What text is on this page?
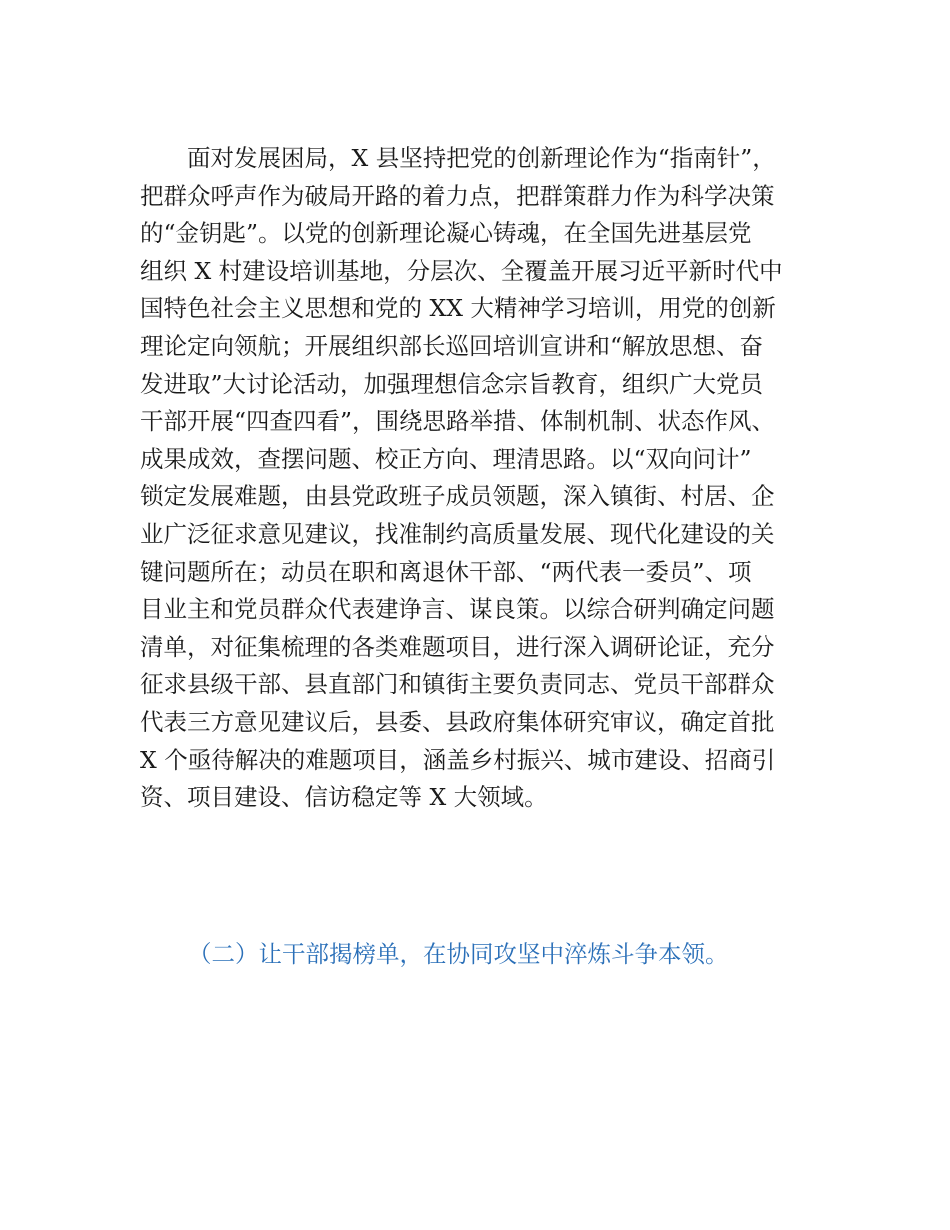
　　面对发展困局，X 县坚持把党的创新理论作为“指南针”，
把群众呼声作为破局开路的着力点，把群策群力作为科学决策
的“金钥匙”。以党的创新理论凝心铸魂，在全国先进基层党
组织 X 村建设培训基地，分层次、全覆盖开展习近平新时代中
国特色社会主义思想和党的 XX 大精神学习培训，用党的创新
理论定向领航；开展组织部长巡回培训宣讲和“解放思想、奋
发进取”大讨论活动，加强理想信念宗旨教育，组织广大党员
干部开展“四查四看”，围绕思路举措、体制机制、状态作风、
成果成效，查摆问题、校正方向、理清思路。以“双向问计”
锁定发展难题，由县党政班子成员领题，深入镇街、村居、企
业广泛征求意见建议，找准制约高质量发展、现代化建设的关
键问题所在；动员在职和离退休干部、“两代表一委员”、项
目业主和党员群众代表建诤言、谋良策。以综合研判确定问题
清单，对征集梳理的各类难题项目，进行深入调研论证，充分
征求县级干部、县直部门和镇街主要负责同志、党员干部群众
代表三方意见建议后，县委、县政府集体研究审议，确定首批
X 个亟待解决的难题项目，涵盖乡村振兴、城市建设、招商引
资、项目建设、信访稳定等 X 大领域。
（二）让干部揭榜单，在协同攻坚中淬炼斗争本领。
